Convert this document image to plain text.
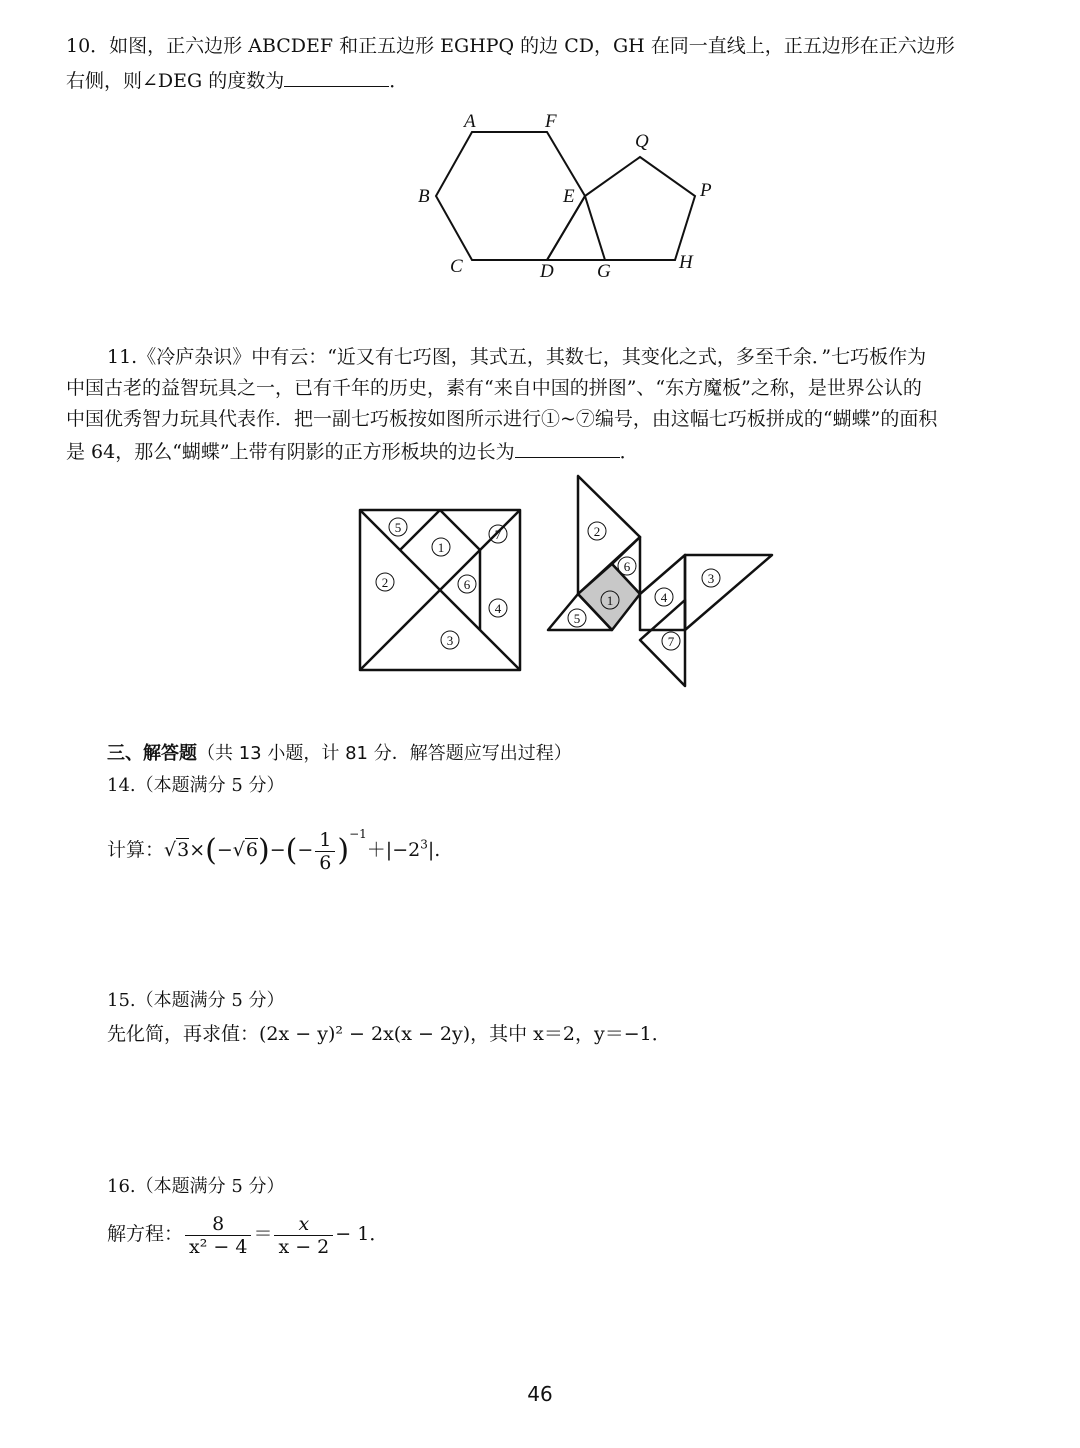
10．如图，正六边形 ABCDEF 和正五边形 EGHPQ 的边 CD，GH 在同一直线上，正五边形在正六边形
右侧，则∠DEG 的度数为	．
A	F
Q
B	E	P
C	D G	H
11.《冷庐杂识》中有云：“近又有七巧图，其式五，其数七，其变化之式，多至千余．”七巧板作为
中国古老的益智玩具之一，已有千年的历史，素有“来自中国的拼图”、“东方魔板”之称，是世界公认的
中国优秀智力玩具代表作．把一副七巧板按如图所示进行①~⑦编号，由这幅七巧板拼成的“蝴蝶”的面积
是 64，那么“蝴蝶”上带有阴影的正方形板块的边长为	．
5
1
7
2	6
4
3
2
6
1
5
4
3
7
三、解答题（共 13 小题，计 81 分．解答题应写出过程）
14.（本题满分 5 分）
计算：$√3\times(-√6)-(- \frac{1}{6} )^{-1}+|-2^3|$.
15.（本题满分 5 分）
先化简，再求值：(2x − y)² − 2x(x − 2y)，其中 x＝2，y＝−1．
16.（本题满分 5 分）
解方程： $\frac{8}{\text{x² − 4}} = \frac{x}{x - 2} - 1$．
46
